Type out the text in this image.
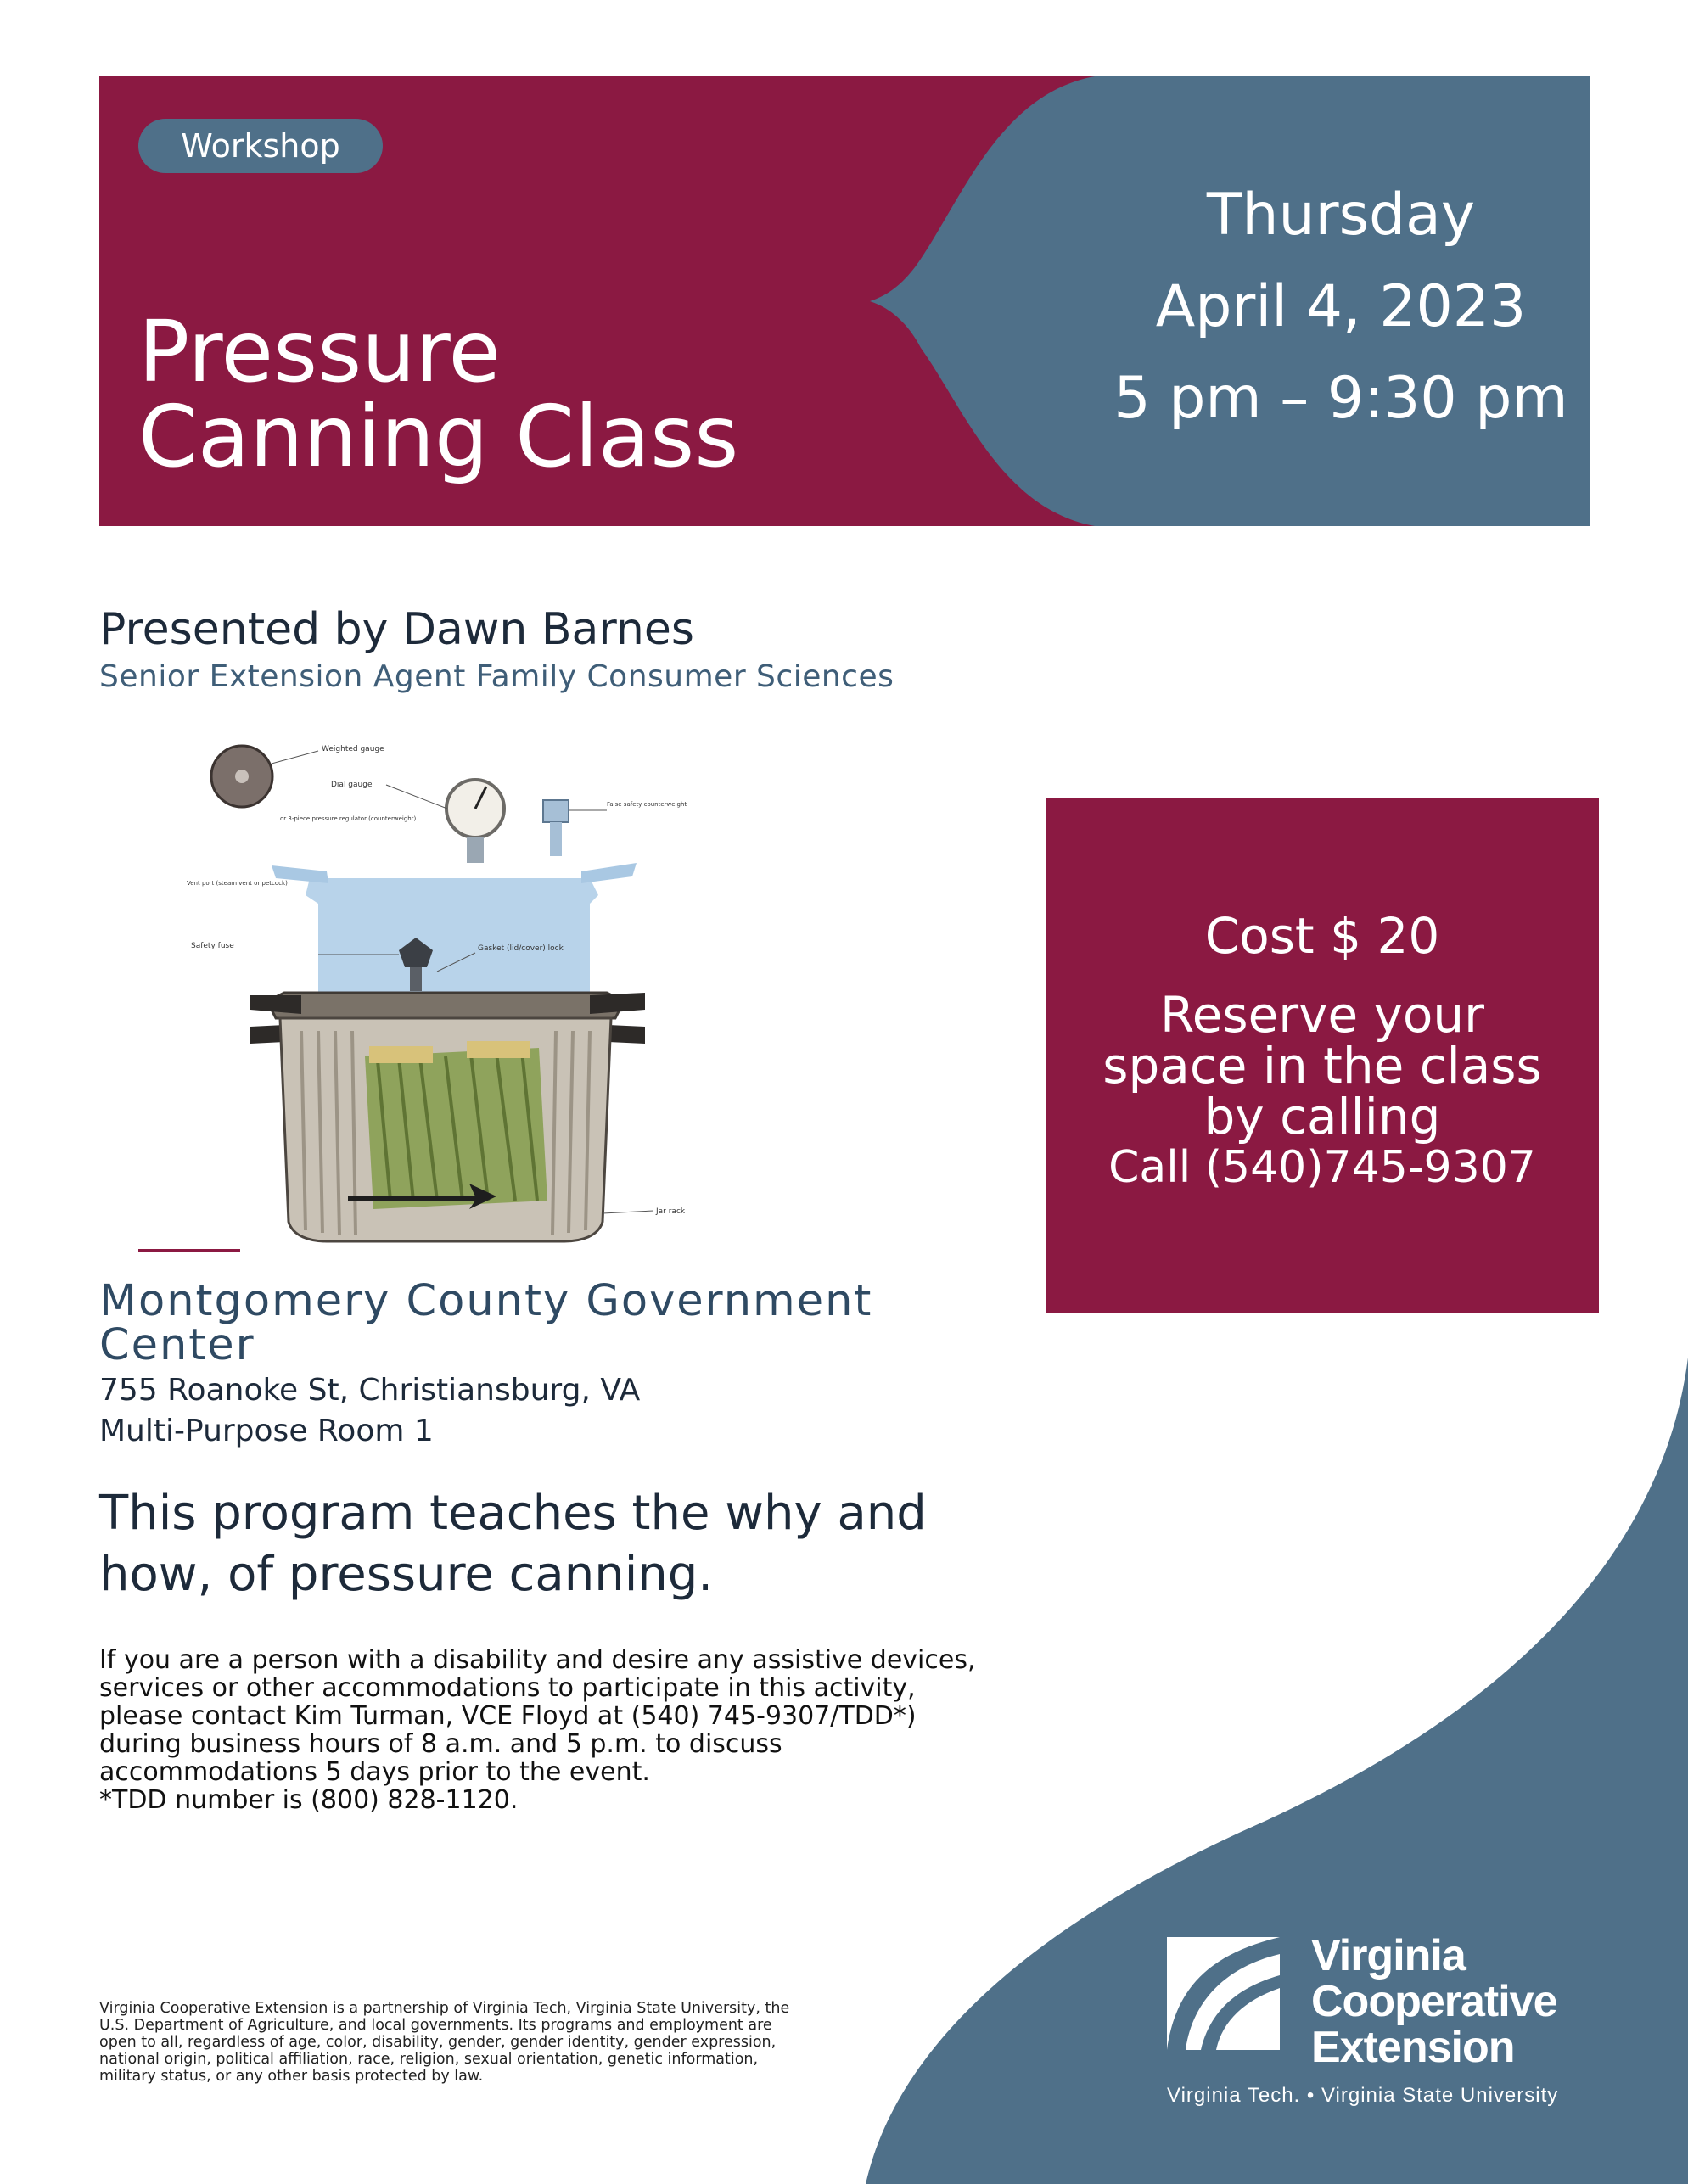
Workshop
Pressure
Canning Class
Thursday
April 4, 2023
5 pm – 9:30 pm
Presented by Dawn Barnes
Senior Extension Agent Family Consumer Sciences
Weighted gauge
Dial gauge
False safety counterweight
or 3-piece pressure regulator (counterweight)
Vent port (steam vent or petcock)
Safety fuse	Gasket (lid/cover) lock
Jar rack
Cost $ 20
Reserve your
space in the class
by calling
Call (540)745-9307
Montgomery County Government Center
755 Roanoke St, Christiansburg, VA
Multi-Purpose Room 1
This program teaches the why and how, of pressure canning.
If you are a person with a disability and desire any assistive devices,
services or other accommodations to participate in this activity,
please contact Kim Turman, VCE Floyd at (540) 745-9307/TDD*)
during business hours of 8 a.m. and 5 p.m. to discuss
accommodations 5 days prior to the event.
*TDD number is (800) 828-1120.
Virginia Cooperative Extension is a partnership of Virginia Tech, Virginia State University, the
U.S. Department of Agriculture, and local governments. Its programs and employment are
open to all, regardless of age, color, disability, gender, gender identity, gender expression,
national origin, political affiliation, race, religion, sexual orientation, genetic information,
military status, or any other basis protected by law.
Virginia
Cooperative
Extension
Virginia Tech. • Virginia State University
